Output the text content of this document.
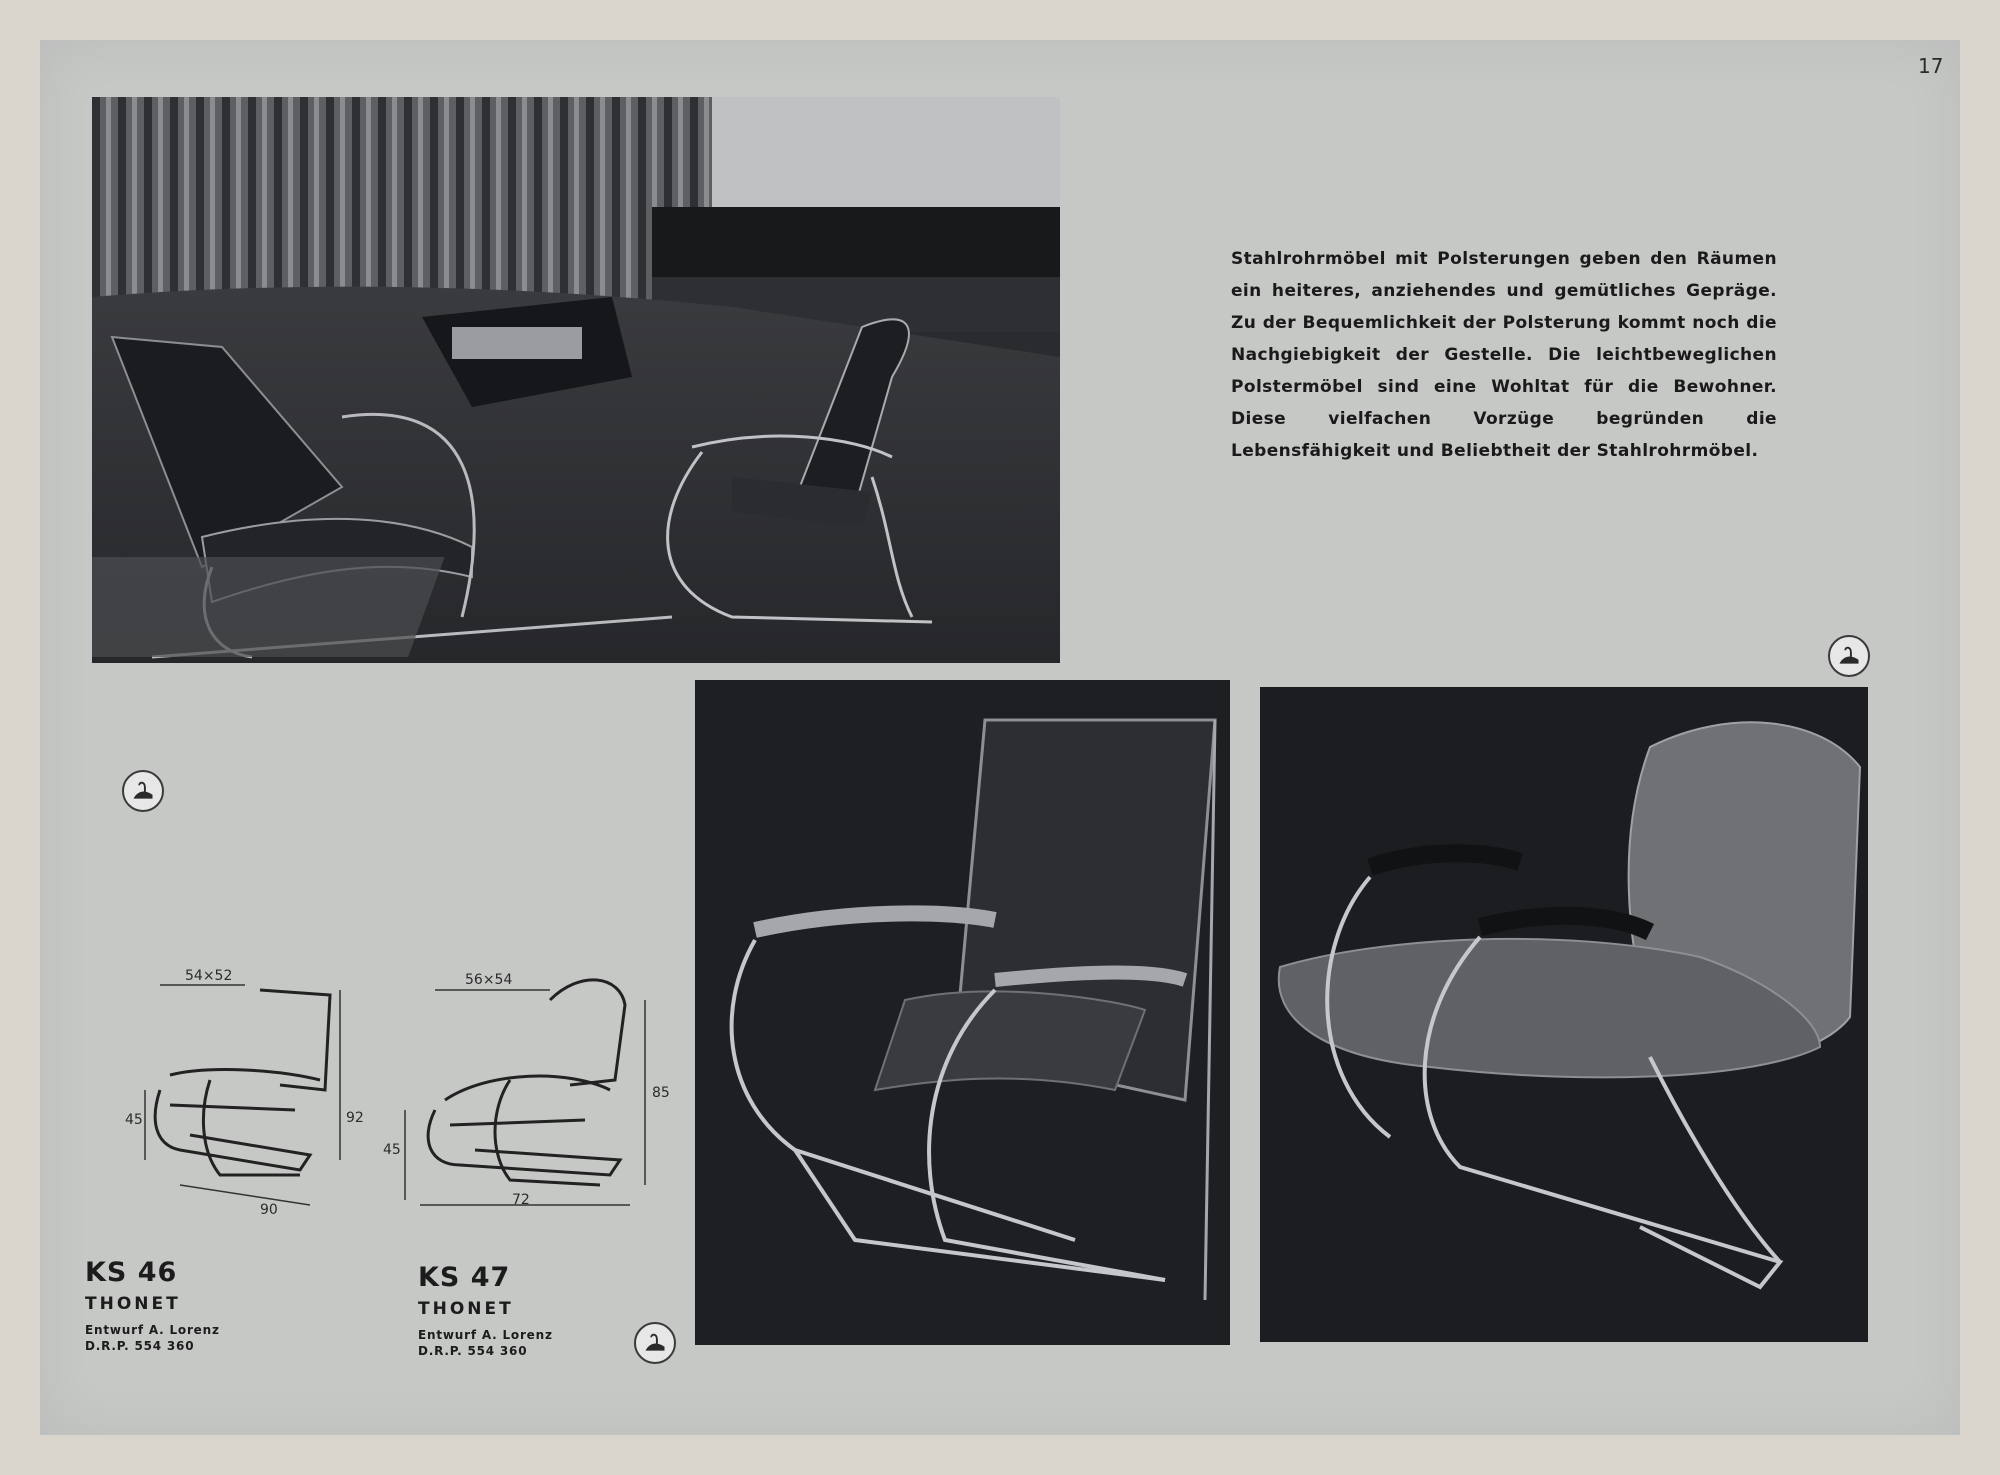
17
Stahlrohrmöbel mit Polsterungen geben den Räumen ein heiteres, anziehendes und gemütliches Gepräge. Zu der Bequemlichkeit der Polsterung kommt noch die Nachgiebigkeit der Gestelle. Die leichtbeweglichen Polstermöbel sind eine Wohltat für die Bewohner. Diese vielfachen Vorzüge begründen die Lebensfähigkeit und Beliebtheit der Stahlrohrmöbel.
54×52
45	92
90
56×54
45
85
72
KS 46
THONET
Entwurf A. Lorenz
D.R.P. 554 360
KS 47
THONET
Entwurf A. Lorenz
D.R.P. 554 360
